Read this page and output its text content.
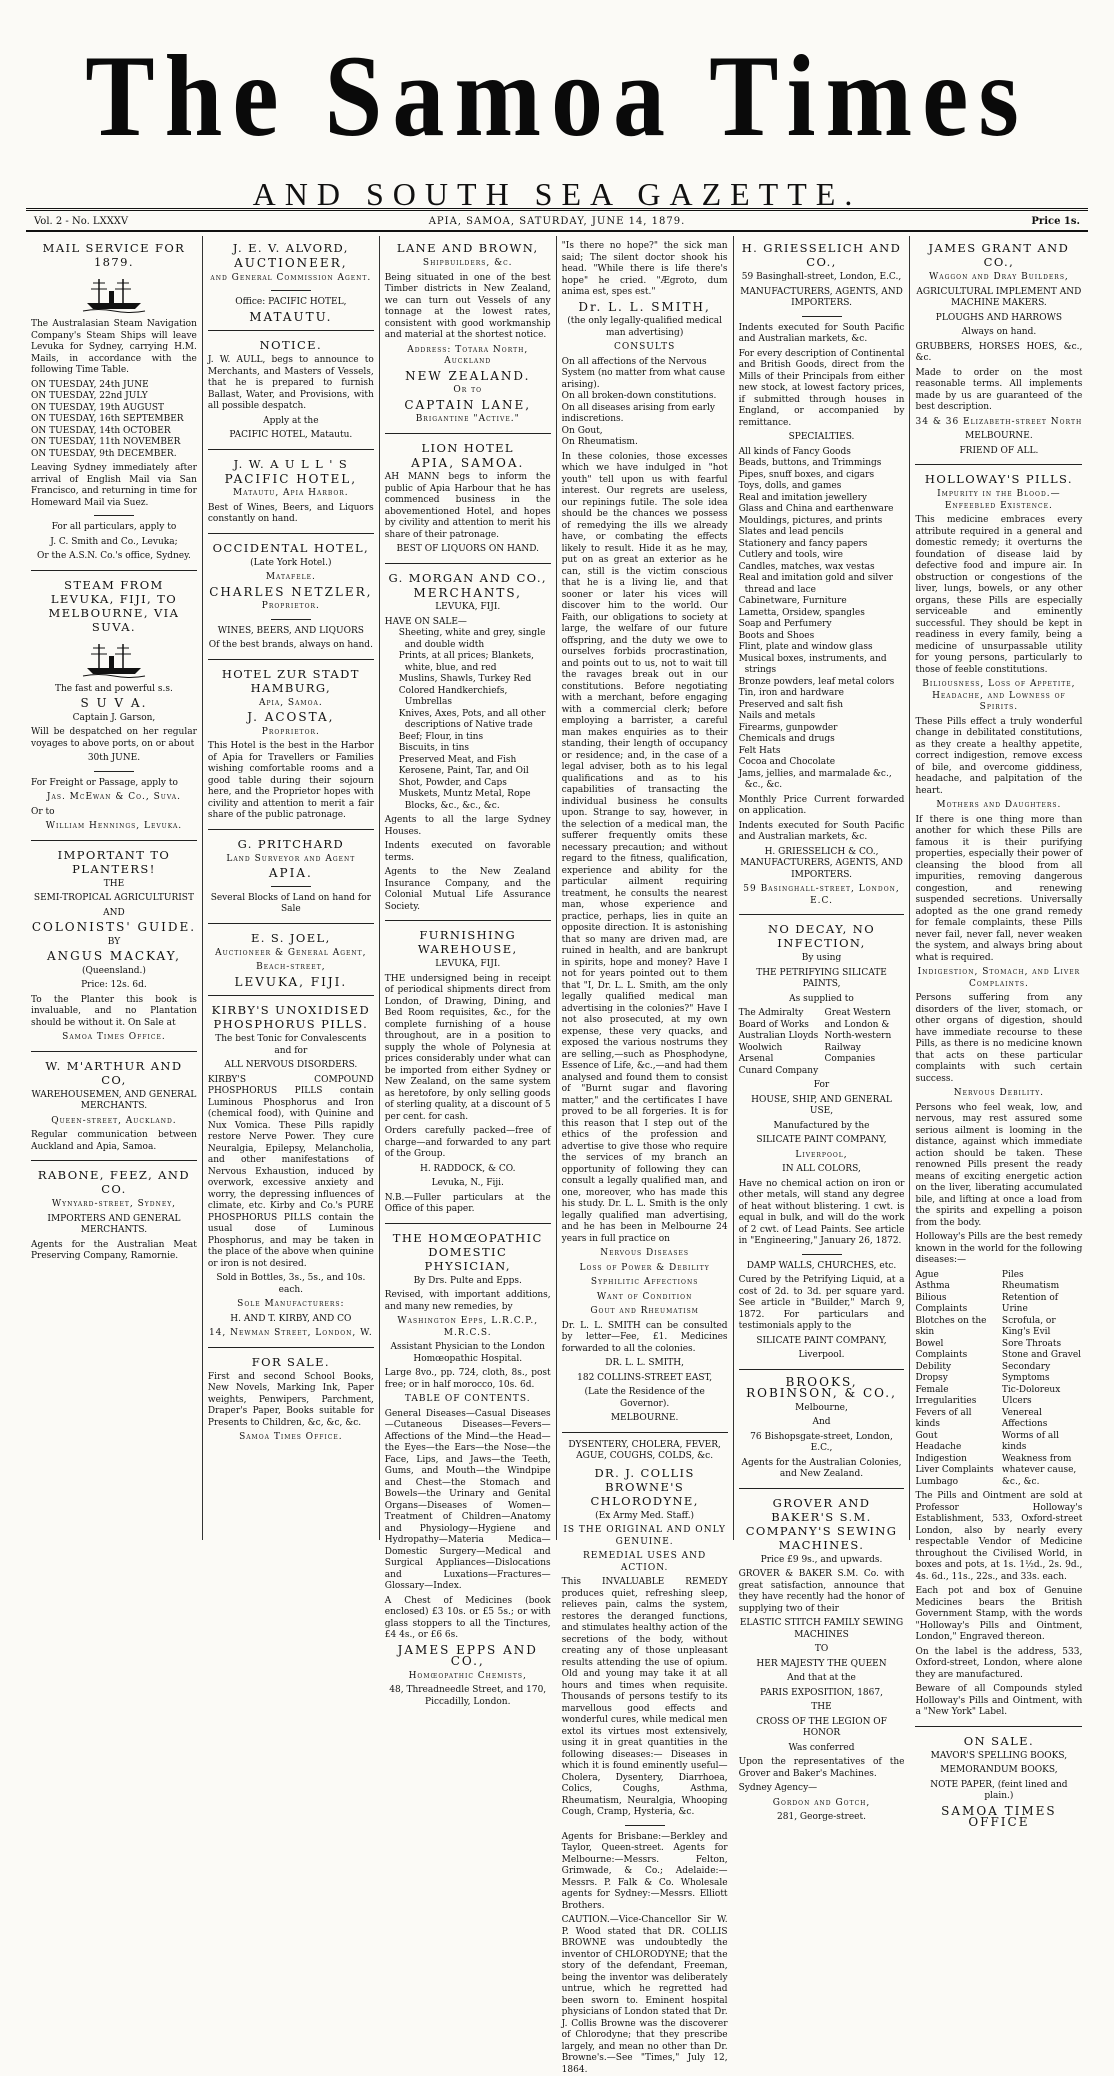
The Samoa Times
AND SOUTH SEA GAZETTE.
Vol. 2 - No. LXXXV	APIA, SAMOA, SATURDAY, JUNE 14, 1879.	Price 1s.
MAIL SERVICE FOR 1879.
The Australasian Steam Navigation Company's Steam Ships will leave Levuka for Sydney, carrying H.M. Mails, in accordance with the following Time Table.
ON TUESDAY, 24th JUNE
ON TUESDAY, 22nd JULY
ON TUESDAY, 19th AUGUST
ON TUESDAY, 16th SEPTEMBER
ON TUESDAY, 14th OCTOBER
ON TUESDAY, 11th NOVEMBER
ON TUESDAY, 9th DECEMBER.
Leaving Sydney immediately after arrival of English Mail via San Francisco, and returning in time for Homeward Mail via Suez.
For all particulars, apply to
J. C. Smith and Co., Levuka;
Or the A.S.N. Co.'s office, Sydney.
STEAM FROM LEVUKA, FIJI, TO MELBOURNE, VIA SUVA.
The fast and powerful s.s.
S U V A.
Captain J. Garson,
Will be despatched on her regular voyages to above ports, on or about
30th JUNE.
For Freight or Passage, apply to
Jas. McEwan & Co., Suva.
Or to
William Hennings, Levuka.
IMPORTANT TO PLANTERS!
THE
SEMI-TROPICAL AGRICULTURIST
AND
COLONISTS' GUIDE.
BY
ANGUS MACKAY,
(Queensland.)
Price: 12s. 6d.
To the Planter this book is invaluable, and no Plantation should be without it. On Sale at
Samoa Times Office.
W. M'ARTHUR AND CO,
WAREHOUSEMEN, AND GENERAL MERCHANTS.
Queen-street, Auckland.
Regular communication between Auckland and Apia, Samoa.
RABONE, FEEZ, AND CO.
Wynyard-street, Sydney,
IMPORTERS AND GENERAL MERCHANTS.
Agents for the Australian Meat Preserving Company, Ramornie.
J. E. V. ALVORD,
AUCTIONEER,
and General Commission Agent.
Office: PACIFIC HOTEL,
MATAUTU.
NOTICE.
J. W. AULL, begs to announce to Merchants, and Masters of Vessels, that he is prepared to furnish Ballast, Water, and Provisions, with all possible despatch.
Apply at the
PACIFIC HOTEL, Matautu.
J. W. A U L L ' S
PACIFIC HOTEL,
Matautu, Apia Harbor.
Best of Wines, Beers, and Liquors constantly on hand.
OCCIDENTAL HOTEL,
(Late York Hotel.)
Matafele.
CHARLES NETZLER,
Proprietor.
WINES, BEERS, AND LIQUORS
Of the best brands, always on hand.
HOTEL ZUR STADT HAMBURG,
Apia, Samoa.
J. ACOSTA,
Proprietor.
This Hotel is the best in the Harbor of Apia for Travellers or Families wishing comfortable rooms and a good table during their sojourn here, and the Proprietor hopes with civility and attention to merit a fair share of the public patronage.
G. PRITCHARD
Land Surveyor and Agent
APIA.
Several Blocks of Land on hand for Sale
E. S. JOEL,
Auctioneer & General Agent,
Beach-street,
LEVUKA, FIJI.
KIRBY'S UNOXIDISED PHOSPHORUS PILLS.
The best Tonic for Convalescents and for
ALL NERVOUS DISORDERS.
KIRBY'S COMPOUND PHOSPHORUS PILLS contain Luminous Phosphorus and Iron (chemical food), with Quinine and Nux Vomica. These Pills rapidly restore Nerve Power. They cure Neuralgia, Epilepsy, Melancholia, and other manifestations of Nervous Exhaustion, induced by overwork, excessive anxiety and worry, the depressing influences of climate, etc. Kirby and Co.'s PURE PHOSPHORUS PILLS contain the usual dose of Luminous Phosphorus, and may be taken in the place of the above when quinine or iron is not desired.
Sold in Bottles, 3s., 5s., and 10s. each.
Sole Manufacturers:
H. AND T. KIRBY, AND CO
14, Newman Street, London, W.
FOR SALE.
First and second School Books, New Novels, Marking Ink, Paper weights, Penwipers, Parchment, Draper's Paper, Books suitable for Presents to Children, &c, &c, &c.
Samoa Times Office.
LANE AND BROWN,
Shipbuilders, &c.
Being situated in one of the best Timber districts in New Zealand, we can turn out Vessels of any tonnage at the lowest rates, consistent with good workmanship and material at the shortest notice.
Address: Totara North, Auckland
NEW ZEALAND.
Or to
CAPTAIN LANE,
Brigantine "Active."
LION HOTEL
APIA, SAMOA.
AH MANN begs to inform the public of Apia Harbour that he has commenced business in the abovementioned Hotel, and hopes by civility and attention to merit his share of their patronage.
BEST OF LIQUORS ON HAND.
G. MORGAN AND CO.,
MERCHANTS,
LEVUKA, FIJI.
HAVE ON SALE—
Sheeting, white and grey, single and double width
Prints, at all prices; Blankets, white, blue, and red
Muslins, Shawls, Turkey Red
Colored Handkerchiefs, Umbrellas
Knives, Axes, Pots, and all other descriptions of Native trade
Beef; Flour, in tins
Biscuits, in tins
Preserved Meat, and Fish
Kerosene, Paint, Tar, and Oil
Shot, Powder, and Caps
Muskets, Muntz Metal, Rope Blocks, &c., &c., &c.
Agents to all the large Sydney Houses.
Indents executed on favorable terms.
Agents to the New Zealand Insurance Company, and the Colonial Mutual Life Assurance Society.
FURNISHING WAREHOUSE,
LEVUKA, FIJI.
THE undersigned being in receipt of periodical shipments direct from London, of Drawing, Dining, and Bed Room requisites, &c., for the complete furnishing of a house throughout, are in a position to supply the whole of Polynesia at prices considerably under what can be imported from either Sydney or New Zealand, on the same system as heretofore, by only selling goods of sterling quality, at a discount of 5 per cent. for cash.
Orders carefully packed—free of charge—and forwarded to any part of the Group.
H. RADDOCK, & CO.
Levuka, N., Fiji.
N.B.—Fuller particulars at the Office of this paper.
THE HOMŒOPATHIC DOMESTIC PHYSICIAN,
By Drs. Pulte and Epps.
Revised, with important additions, and many new remedies, by
Washington Epps, L.R.C.P., M.R.C.S.
Assistant Physician to the London Homœopathic Hospital.
Large 8vo., pp. 724, cloth, 8s., post free; or in half morocco, 10s. 6d.
TABLE OF CONTENTS.
General Diseases—Casual Diseases—Cutaneous Diseases—Fevers—Affections of the Mind—the Head—the Eyes—the Ears—the Nose—the Face, Lips, and Jaws—the Teeth, Gums, and Mouth—the Windpipe and Chest—the Stomach and Bowels—the Urinary and Genital Organs—Diseases of Women—Treatment of Children—Anatomy and Physiology—Hygiene and Hydropathy—Materia Medica—Domestic Surgery—Medical and Surgical Appliances—Dislocations and Luxations—Fractures—Glossary—Index.
A Chest of Medicines (book enclosed) £3 10s. or £5 5s.; or with glass stoppers to all the Tinctures, £4 4s., or £6 6s.
JAMES EPPS AND CO.,
Homœopathic Chemists,
48, Threadneedle Street, and 170, Piccadilly, London.
"Is there no hope?" the sick man said; The silent doctor shook his head. "While there is life there's hope" he cried. "Ægroto, dum anima est, spes est."
Dr. L. L. SMITH,
(the only legally-qualified medical man advertising)
CONSULTS
On all affections of the Nervous System (no matter from what cause arising).
On all broken-down constitutions.
On all diseases arising from early indiscretions.
On Gout,
On Rheumatism.
In these colonies, those excesses which we have indulged in "hot youth" tell upon us with fearful interest. Our regrets are useless, our repinings futile. The sole idea should be the chances we possess of remedying the ills we already have, or combating the effects likely to result. Hide it as he may, put on as great an exterior as he can, still is the victim conscious that he is a living lie, and that sooner or later his vices will discover him to the world. Our Faith, our obligations to society at large, the welfare of our future offspring, and the duty we owe to ourselves forbids procrastination, and points out to us, not to wait till the ravages break out in our constitutions. Before negotiating with a merchant, before engaging with a commercial clerk; before employing a barrister, a careful man makes enquiries as to their standing, their length of occupancy or residence; and, in the case of a legal adviser, both as to his legal qualifications and as to his capabilities of transacting the individual business he consults upon. Strange to say, however, in the selection of a medical man, the sufferer frequently omits these necessary precaution; and without regard to the fitness, qualification, experience and ability for the particular ailment requiring treatment, he consults the nearest man, whose experience and practice, perhaps, lies in quite an opposite direction. It is astonishing that so many are driven mad, are ruined in health, and are bankrupt in spirits, hope and money? Have I not for years pointed out to them that "I, Dr. L. L. Smith, am the only legally qualified medical man advertising in the colonies?" Have I not also prosecuted, at my own expense, these very quacks, and exposed the various nostrums they are selling,—such as Phosphodyne, Essence of Life, &c.,—and had them analysed and found them to consist of "Burnt sugar and flavoring matter," and the certificates I have proved to be all forgeries. It is for this reason that I step out of the ethics of the profession and advertise to give those who require the services of my branch an opportunity of following they can consult a legally qualified man, and one, moreover, who has made this his study. Dr. L. L. Smith is the only legally qualified man advertising, and he has been in Melbourne 24 years in full practice on
Nervous Diseases
Loss of Power & Debility
Syphilitic Affections
Want of Condition
Gout and Rheumatism
Dr. L. L. SMITH can be consulted by letter—Fee, £1. Medicines forwarded to all the colonies.
DR. L. L. SMITH,
182 COLLINS-STREET EAST,
(Late the Residence of the Governor).
MELBOURNE.
DYSENTERY, CHOLERA, FEVER, AGUE, COUGHS, COLDS, &c.
DR. J. COLLIS BROWNE'S CHLORODYNE,
(Ex Army Med. Staff.)
IS THE ORIGINAL AND ONLY GENUINE.
REMEDIAL USES AND ACTION.
This INVALUABLE REMEDY produces quiet, refreshing sleep, relieves pain, calms the system, restores the deranged functions, and stimulates healthy action of the secretions of the body, without creating any of those unpleasant results attending the use of opium. Old and young may take it at all hours and times when requisite. Thousands of persons testify to its marvellous good effects and wonderful cures, while medical men extol its virtues most extensively, using it in great quantities in the following diseases:— Diseases in which it is found eminently useful—Cholera, Dysentery, Diarrhoea, Colics, Coughs, Asthma, Rheumatism, Neuralgia, Whooping Cough, Cramp, Hysteria, &c.
Agents for Brisbane:—Berkley and Taylor, Queen-street. Agents for Melbourne:—Messrs. Felton, Grimwade, & Co.; Adelaide:—Messrs. P. Falk & Co. Wholesale agents for Sydney:—Messrs. Elliott Brothers.
CAUTION.—Vice-Chancellor Sir W. P. Wood stated that DR. COLLIS BROWNE was undoubtedly the inventor of CHLORODYNE; that the story of the defendant, Freeman, being the inventor was deliberately untrue, which he regretted had been sworn to. Eminent hospital physicians of London stated that Dr. J. Collis Browne was the discoverer of Chlorodyne; that they prescribe largely, and mean no other than Dr. Browne's.—See "Times," July 12, 1864.
H. GRIESSELICH AND CO.,
59 Basinghall-street, London, E.C.,
MANUFACTURERS, AGENTS, AND IMPORTERS.
Indents executed for South Pacific and Australian markets, &c.
For every description of Continental and British Goods, direct from the Mills of their Principals from either new stock, at lowest factory prices, if submitted through houses in England, or accompanied by remittance.
SPECIALTIES.
All kinds of Fancy Goods
Beads, buttons, and Trimmings
Pipes, snuff boxes, and cigars
Toys, dolls, and games
Real and imitation jewellery
Glass and China and earthenware
Mouldings, pictures, and prints
Slates and lead pencils
Stationery and fancy papers
Cutlery and tools, wire
Candles, matches, wax vestas
Real and imitation gold and silver thread and lace
Cabinetware, Furniture
Lametta, Orsidew, spangles
Soap and Perfumery
Boots and Shoes
Flint, plate and window glass
Musical boxes, instruments, and strings
Bronze powders, leaf metal colors
Tin, iron and hardware
Preserved and salt fish
Nails and metals
Firearms, gunpowder
Chemicals and drugs
Felt Hats
Cocoa and Chocolate
Jams, jellies, and marmalade &c., &c., &c.
Monthly Price Current forwarded on application.
Indents executed for South Pacific and Australian markets, &c.
H. GRIESSELICH & CO., MANUFACTURERS, AGENTS, AND IMPORTERS.
59 Basinghall-street, London, E.C.
NO DECAY, NO INFECTION,
By using
THE PETRIFYING SILICATE PAINTS,
As supplied to
The Admiralty
Board of Works
Australian Lloyds
Woolwich Arsenal
Cunard Company
Great Western and London & North-western Railway Companies
For
HOUSE, SHIP, AND GENERAL USE,
Manufactured by the
SILICATE PAINT COMPANY,
Liverpool,
IN ALL COLORS,
Have no chemical action on iron or other metals, will stand any degree of heat without blistering. 1 cwt. is equal in bulk, and will do the work of 2 cwt. of Lead Paints. See article in "Engineering," January 26, 1872.
DAMP WALLS, CHURCHES, etc.
Cured by the Petrifying Liquid, at a cost of 2d. to 3d. per square yard. See article in "Builder," March 9, 1872. For particulars and testimonials apply to the
SILICATE PAINT COMPANY,
Liverpool.
BROOKS, ROBINSON, & CO.,
Melbourne,
And
76 Bishopsgate-street, London, E.C.,
Agents for the Australian Colonies, and New Zealand.
GROVER AND BAKER'S S.M. COMPANY'S SEWING MACHINES.
Price £9 9s., and upwards.
GROVER & BAKER S.M. Co. with great satisfaction, announce that they have recently had the honor of supplying two of their
ELASTIC STITCH FAMILY SEWING MACHINES
TO
HER MAJESTY THE QUEEN
And that at the
PARIS EXPOSITION, 1867,
THE
CROSS OF THE LEGION OF HONOR
Was conferred
Upon the representatives of the Grover and Baker's Machines.
Sydney Agency—
Gordon and Gotch,
281, George-street.
JAMES GRANT AND CO.,
Waggon and Dray Builders,
AGRICULTURAL IMPLEMENT AND MACHINE MAKERS.
PLOUGHS AND HARROWS
Always on hand.
GRUBBERS, HORSES HOES, &c., &c.
Made to order on the most reasonable terms. All implements made by us are guaranteed of the best description.
34 & 36 Elizabeth-street North
MELBOURNE.
FRIEND OF ALL.
HOLLOWAY'S PILLS.
Impurity in the Blood.—Enfeebled Existence.
This medicine embraces every attribute required in a general and domestic remedy; it overturns the foundation of disease laid by defective food and impure air. In obstruction or congestions of the liver, lungs, bowels, or any other organs, these Pills are especially serviceable and eminently successful. They should be kept in readiness in every family, being a medicine of unsurpassable utility for young persons, particularly to those of feeble constitutions.
Biliousness, Loss of Appetite, Headache, and Lowness of Spirits.
These Pills effect a truly wonderful change in debilitated constitutions, as they create a healthy appetite, correct indigestion, remove excess of bile, and overcome giddiness, headache, and palpitation of the heart.
Mothers and Daughters.
If there is one thing more than another for which these Pills are famous it is their purifying properties, especially their power of cleansing the blood from all impurities, removing dangerous congestion, and renewing suspended secretions. Universally adopted as the one grand remedy for female complaints, these Pills never fail, never fall, never weaken the system, and always bring about what is required.
Indigestion, Stomach, and Liver Complaints.
Persons suffering from any disorders of the liver, stomach, or other organs of digestion, should have immediate recourse to these Pills, as there is no medicine known that acts on these particular complaints with such certain success.
Nervous Debility.
Persons who feel weak, low, and nervous, may rest assured some serious ailment is looming in the distance, against which immediate action should be taken. These renowned Pills present the ready means of exciting energetic action on the liver, liberating accumulated bile, and lifting at once a load from the spirits and expelling a poison from the body.
Holloway's Pills are the best remedy known in the world for the following diseases:—
Ague
Asthma
Bilious Complaints
Blotches on the skin
Bowel Complaints
Debility
Dropsy
Female Irregularities
Fevers of all kinds
Gout
Headache
Indigestion
Liver Complaints
Lumbago
Piles
Rheumatism
Retention of Urine
Scrofula, or King's Evil
Sore Throats
Stone and Gravel
Secondary Symptoms
Tic-Doloreux
Ulcers
Venereal Affections
Worms of all kinds
Weakness from whatever cause, &c., &c.
The Pills and Ointment are sold at Professor Holloway's Establishment, 533, Oxford-street London, also by nearly every respectable Vendor of Medicine throughout the Civilised World, in boxes and pots, at 1s. 1½d., 2s. 9d., 4s. 6d., 11s., 22s., and 33s. each.
Each pot and box of Genuine Medicines bears the British Government Stamp, with the words "Holloway's Pills and Ointment, London," Engraved thereon.
On the label is the address, 533, Oxford-street, London, where alone they are manufactured.
Beware of all Compounds styled Holloway's Pills and Ointment, with a "New York" Label.
ON SALE.
MAVOR'S SPELLING BOOKS,
MEMORANDUM BOOKS,
NOTE PAPER, (feint lined and plain.)
SAMOA TIMES OFFICE
